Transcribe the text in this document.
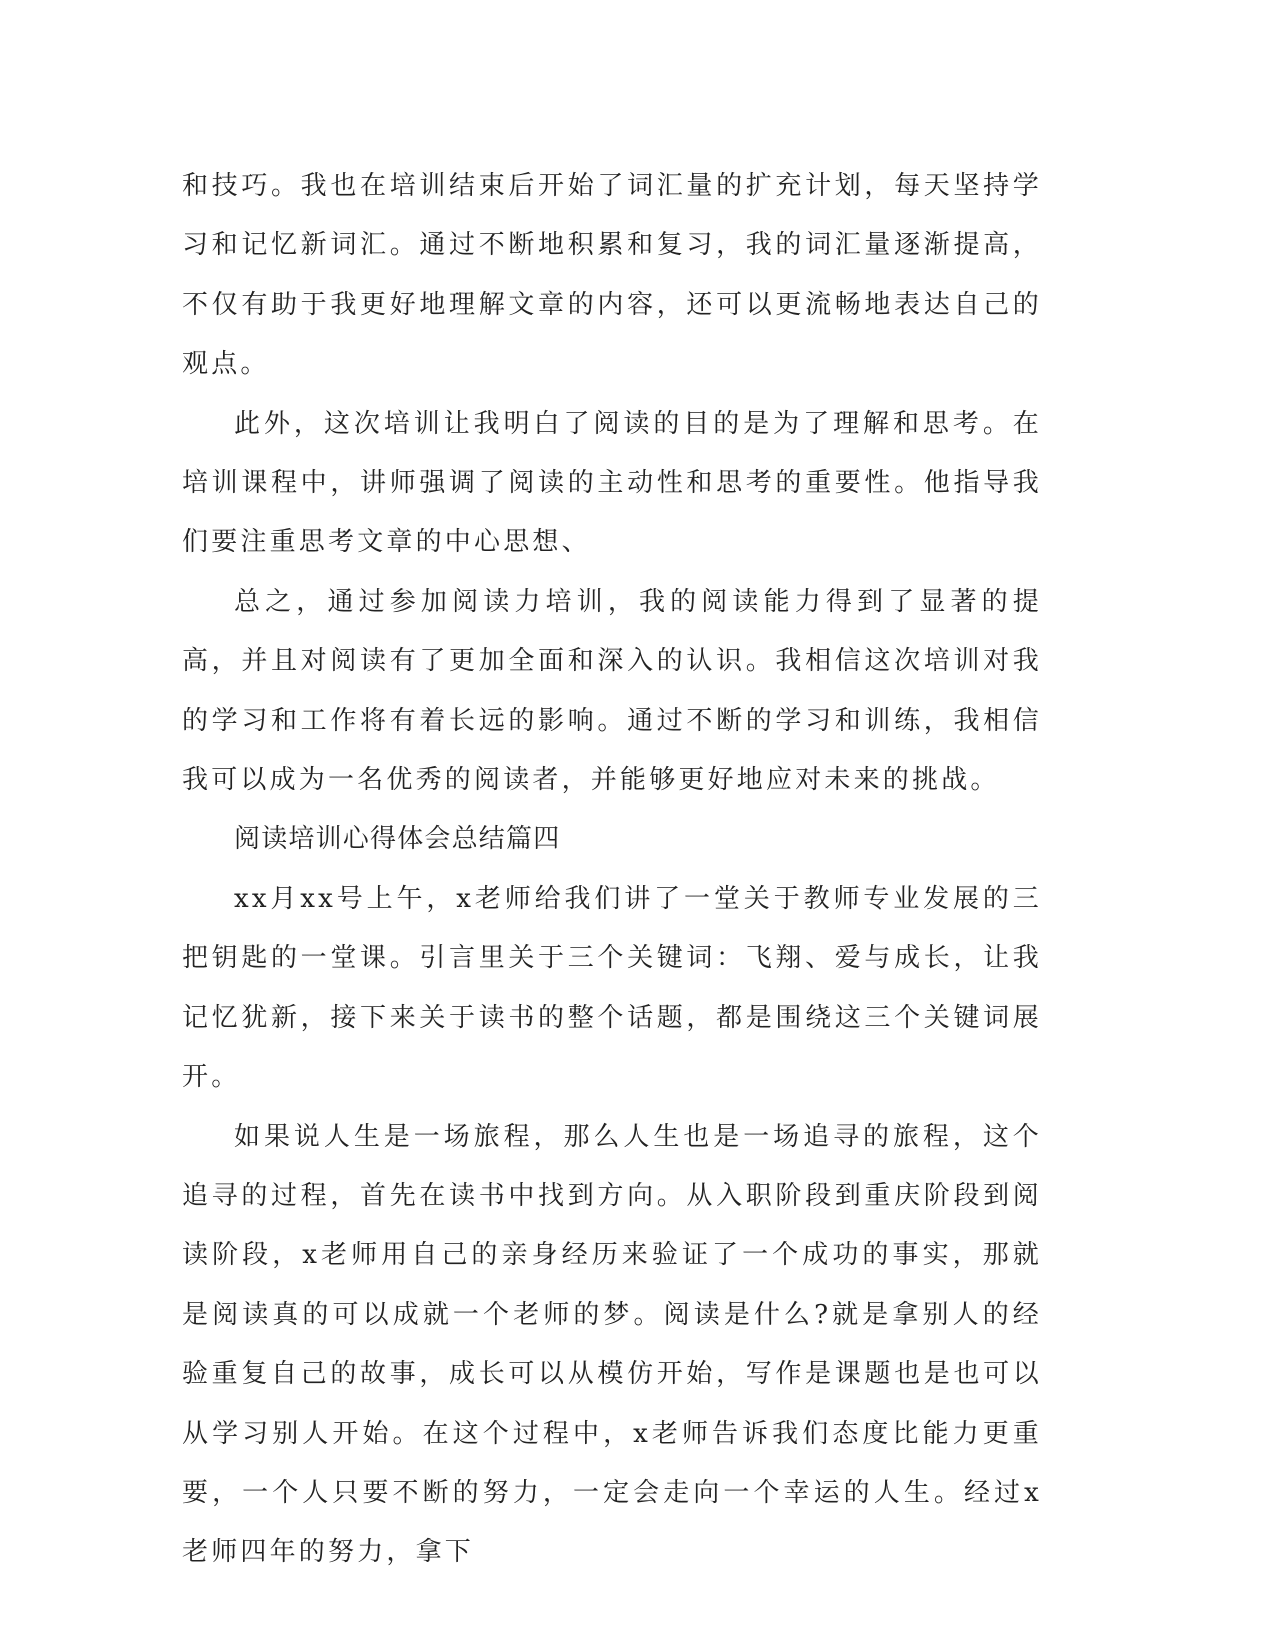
和技巧。我也在培训结束后开始了词汇量的扩充计划，每天坚持学习和记忆新词汇。通过不断地积累和复习，我的词汇量逐渐提高，不仅有助于我更好地理解文章的内容，还可以更流畅地表达自己的观点。

此外，这次培训让我明白了阅读的目的是为了理解和思考。在培训课程中，讲师强调了阅读的主动性和思考的重要性。他指导我们要注重思考文章的中心思想、

总之，通过参加阅读力培训，我的阅读能力得到了显著的提高，并且对阅读有了更加全面和深入的认识。我相信这次培训对我的学习和工作将有着长远的影响。通过不断的学习和训练，我相信我可以成为一名优秀的阅读者，并能够更好地应对未来的挑战。

阅读培训心得体会总结篇四

xx月xx号上午，x老师给我们讲了一堂关于教师专业发展的三把钥匙的一堂课。引言里关于三个关键词：飞翔、爱与成长，让我记忆犹新，接下来关于读书的整个话题，都是围绕这三个关键词展开。

如果说人生是一场旅程，那么人生也是一场追寻的旅程，这个追寻的过程，首先在读书中找到方向。从入职阶段到重庆阶段到阅读阶段，x老师用自己的亲身经历来验证了一个成功的事实，那就是阅读真的可以成就一个老师的梦。阅读是什么?就是拿别人的经验重复自己的故事，成长可以从模仿开始，写作是课题也是也可以从学习别人开始。在这个过程中，x老师告诉我们态度比能力更重要，一个人只要不断的努力，一定会走向一个幸运的人生。经过x老师四年的努力，拿下
